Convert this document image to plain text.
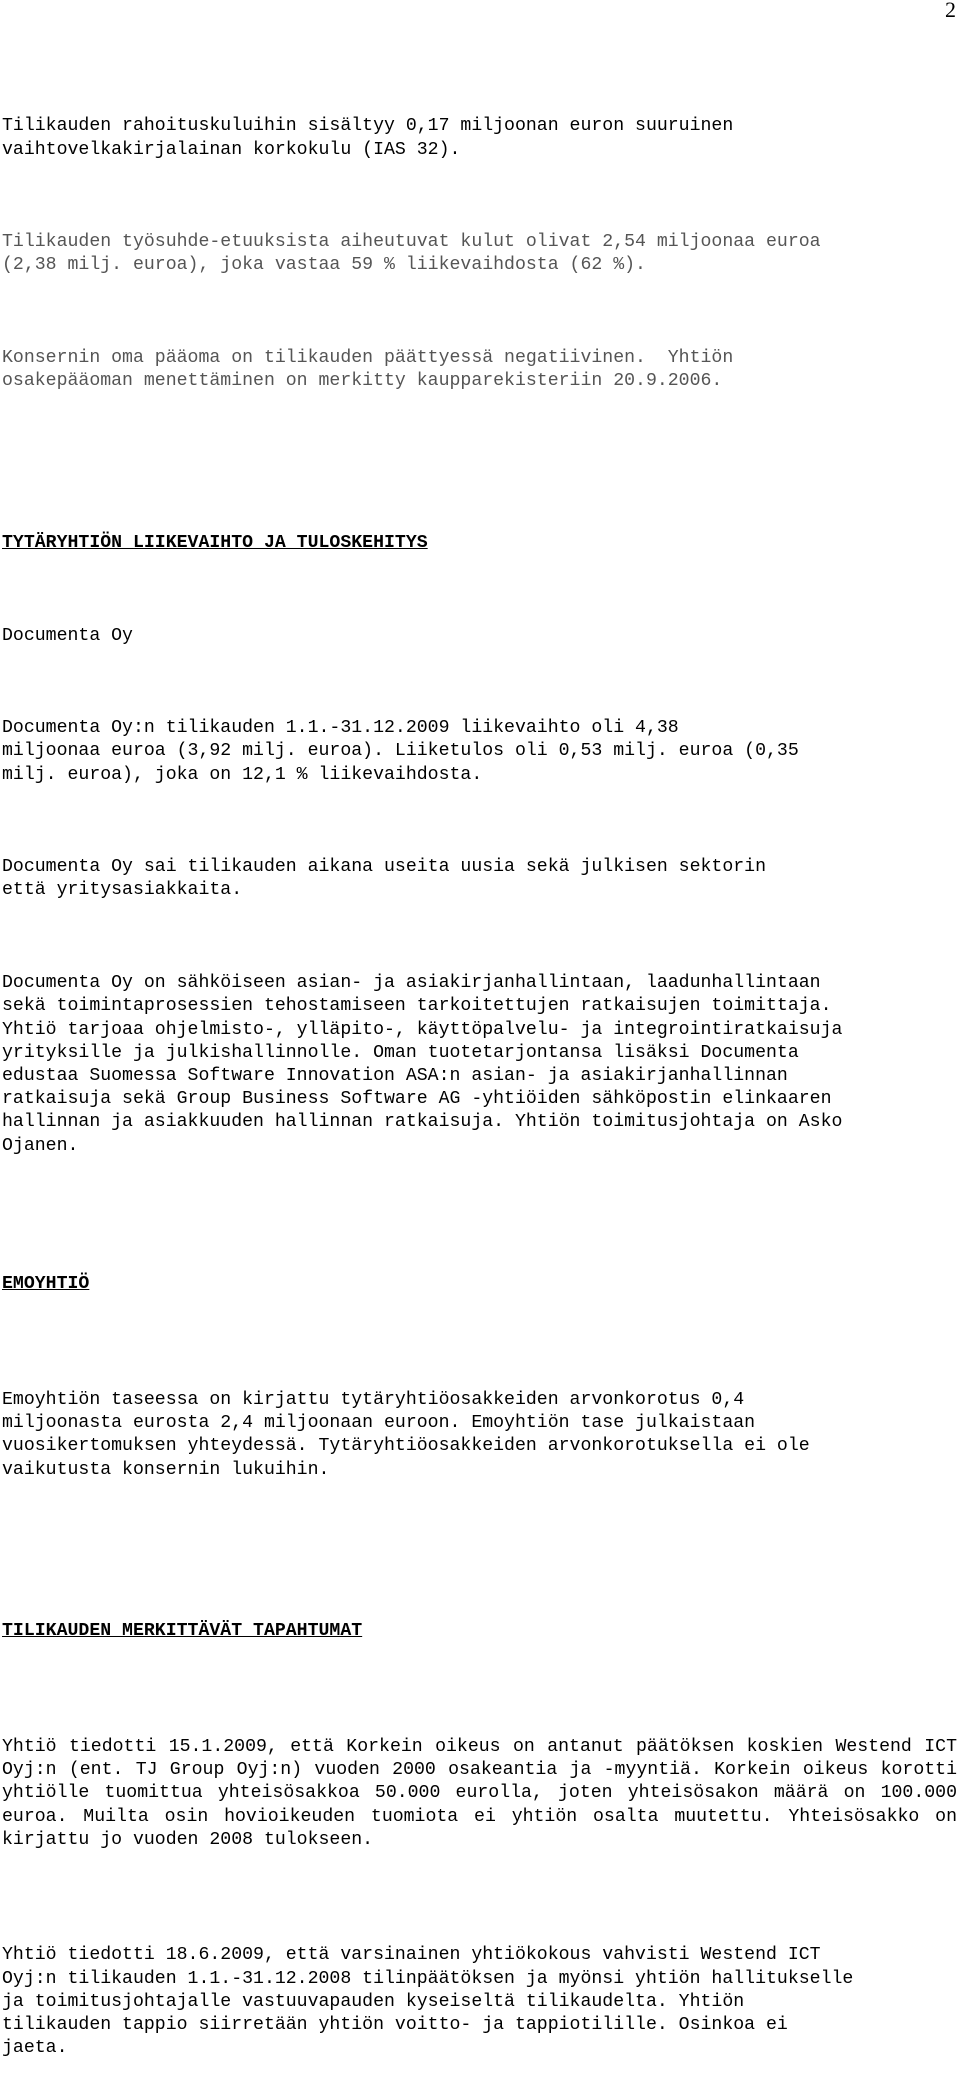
2

Tilikauden rahoituskuluihin sisältyy 0,17 miljoonan euron suuruinen
vaihtovelkakirjalainan korkokulu (IAS 32).

Tilikauden työsuhde-etuuksista aiheutuvat kulut olivat 2,54 miljoonaa euroa
(2,38 milj. euroa), joka vastaa 59 % liikevaihdosta (62 %).

Konsernin oma pääoma on tilikauden päättyessä negatiivinen.  Yhtiön
osakepääoman menettäminen on merkitty kaupparekisteriin 20.9.2006.

TYTÄRYHTIÖN LIIKEVAIHTO JA TULOSKEHITYS

Documenta Oy

Documenta Oy:n tilikauden 1.1.-31.12.2009 liikevaihto oli 4,38
miljoonaa euroa (3,92 milj. euroa). Liiketulos oli 0,53 milj. euroa (0,35
milj. euroa), joka on 12,1 % liikevaihdosta.

Documenta Oy sai tilikauden aikana useita uusia sekä julkisen sektorin
että yritysasiakkaita.

Documenta Oy on sähköiseen asian- ja asiakirjanhallintaan, laadunhallintaan
sekä toimintaprosessien tehostamiseen tarkoitettujen ratkaisujen toimittaja.
Yhtiö tarjoaa ohjelmisto-, ylläpito-, käyttöpalvelu- ja integrointiratkaisuja
yrityksille ja julkishallinnolle. Oman tuotetarjontansa lisäksi Documenta
edustaa Suomessa Software Innovation ASA:n asian- ja asiakirjanhallinnan
ratkaisuja sekä Group Business Software AG -yhtiöiden sähköpostin elinkaaren
hallinnan ja asiakkuuden hallinnan ratkaisuja. Yhtiön toimitusjohtaja on Asko
Ojanen.

EMOYHTIÖ

Emoyhtiön taseessa on kirjattu tytäryhtiöosakkeiden arvonkorotus 0,4
miljoonasta eurosta 2,4 miljoonaan euroon. Emoyhtiön tase julkaistaan
vuosikertomuksen yhteydessä. Tytäryhtiöosakkeiden arvonkorotuksella ei ole
vaikutusta konsernin lukuihin.

TILIKAUDEN MERKITTÄVÄT TAPAHTUMAT

Yhtiö tiedotti 15.1.2009, että Korkein oikeus on antanut päätöksen koskien Westend ICT Oyj:n (ent. TJ Group Oyj:n) vuoden 2000 osakeantia ja -myyntiä. Korkein oikeus korotti yhtiölle tuomittua yhteisösakkoa 50.000 eurolla, joten yhteisösakon määrä on 100.000 euroa. Muilta osin hovioikeuden tuomiota ei yhtiön osalta muutettu. Yhteisösakko on kirjattu jo vuoden 2008 tulokseen.

Yhtiö tiedotti 18.6.2009, että varsinainen yhtiökokous vahvisti Westend ICT
Oyj:n tilikauden 1.1.-31.12.2008 tilinpäätöksen ja myönsi yhtiön hallitukselle
ja toimitusjohtajalle vastuuvapauden kyseiseltä tilikaudelta. Yhtiön
tilikauden tappio siirretään yhtiön voitto- ja tappiotilille. Osinkoa ei
jaeta.
